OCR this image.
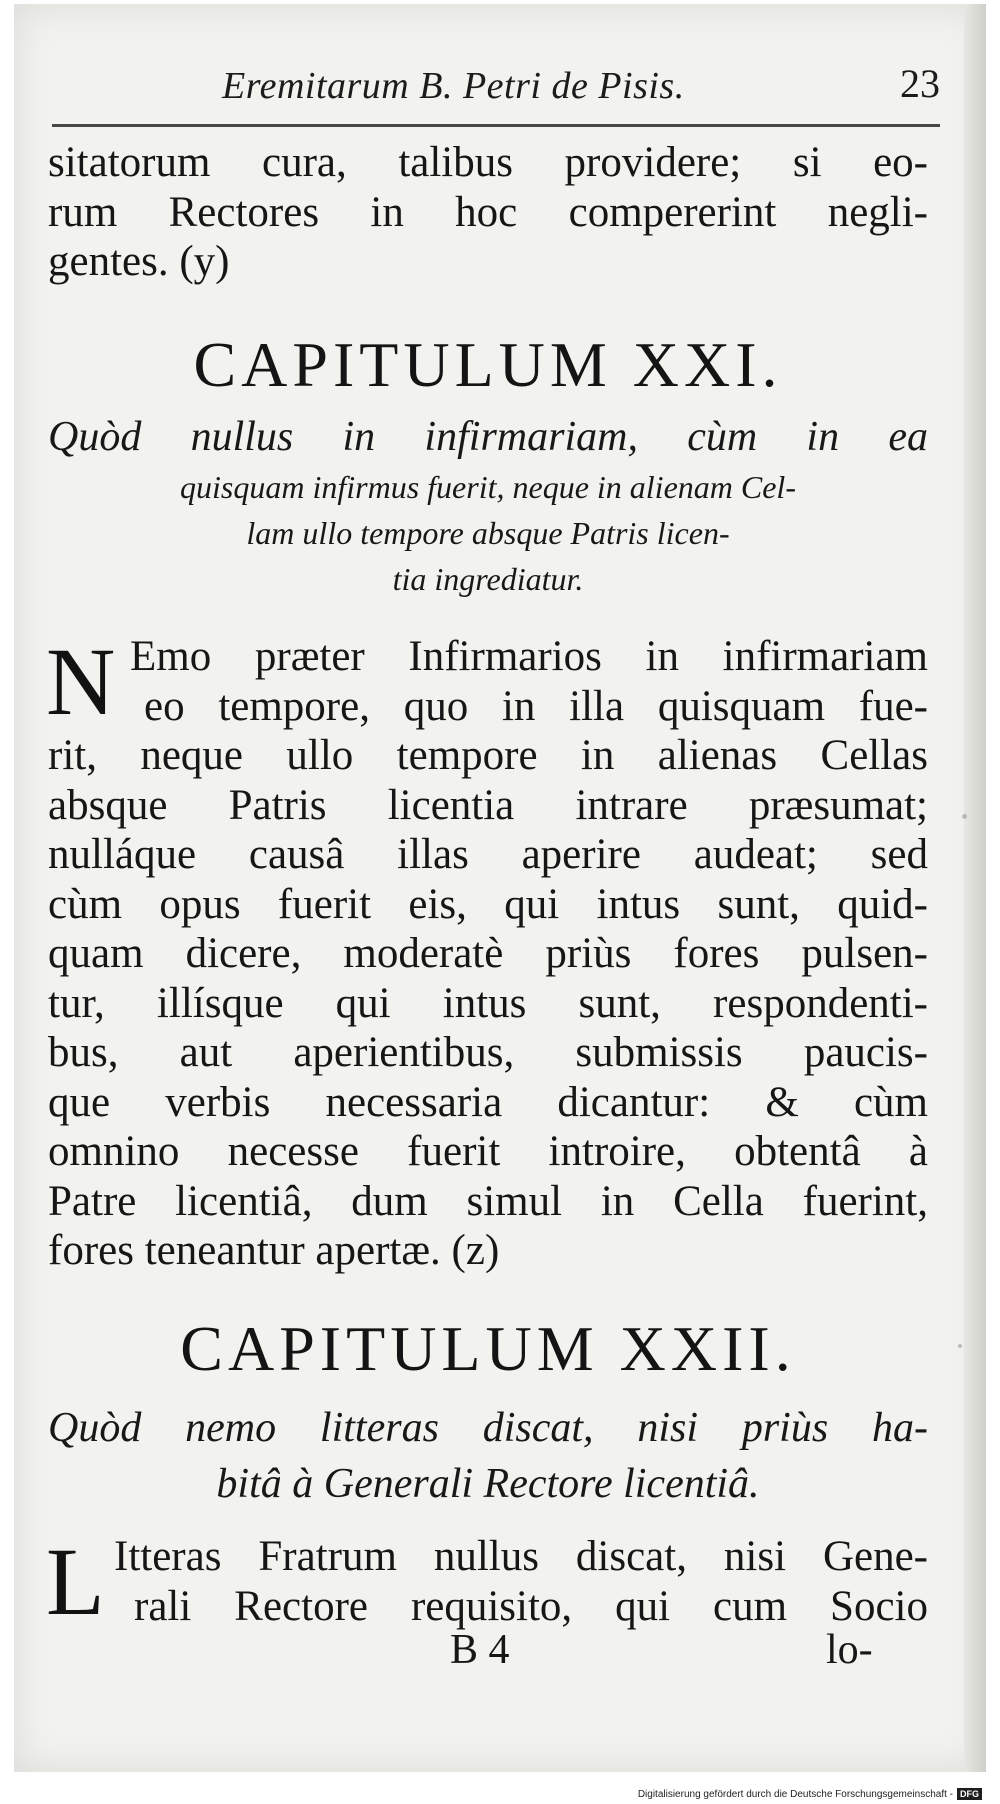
Eremitarum B. Petri de Pisis.	23
sitatorum cura, talibus providere; si eo-
rum Rectores in hoc compererint negli-
gentes. (y)
CAPITULUM XXI.
Quòd nullus in infirmariam, cùm in ea
quisquam infirmus fuerit, neque in alienam Cel-
lam ullo tempore absque Patris licen-
tia ingrediatur.
N Emo præter Infirmarios in infirmariam
eo tempore, quo in illa quisquam fue-
rit, neque ullo tempore in alienas Cellas
absque Patris licentia intrare præsumat;
nulláque causâ illas aperire audeat; sed
cùm opus fuerit eis, qui intus sunt, quid-
quam dicere, moderatè priùs fores pulsen-
tur, illísque qui intus sunt, respondenti-
bus, aut aperientibus, submissis paucis-
que verbis necessaria dicantur: & cùm
omnino necesse fuerit introire, obtentâ à
Patre licentiâ, dum simul in Cella fuerint,
fores teneantur apertæ. (z)
CAPITULUM XXII.
Quòd nemo litteras discat, nisi priùs ha-
bitâ à Generali Rectore licentiâ.
L Itteras Fratrum nullus discat, nisi Gene-
rali Rectore requisito, qui cum Socio
B 4	lo-
Digitalisierung gefördert durch die Deutsche Forschungsgemeinschaft - DFG
